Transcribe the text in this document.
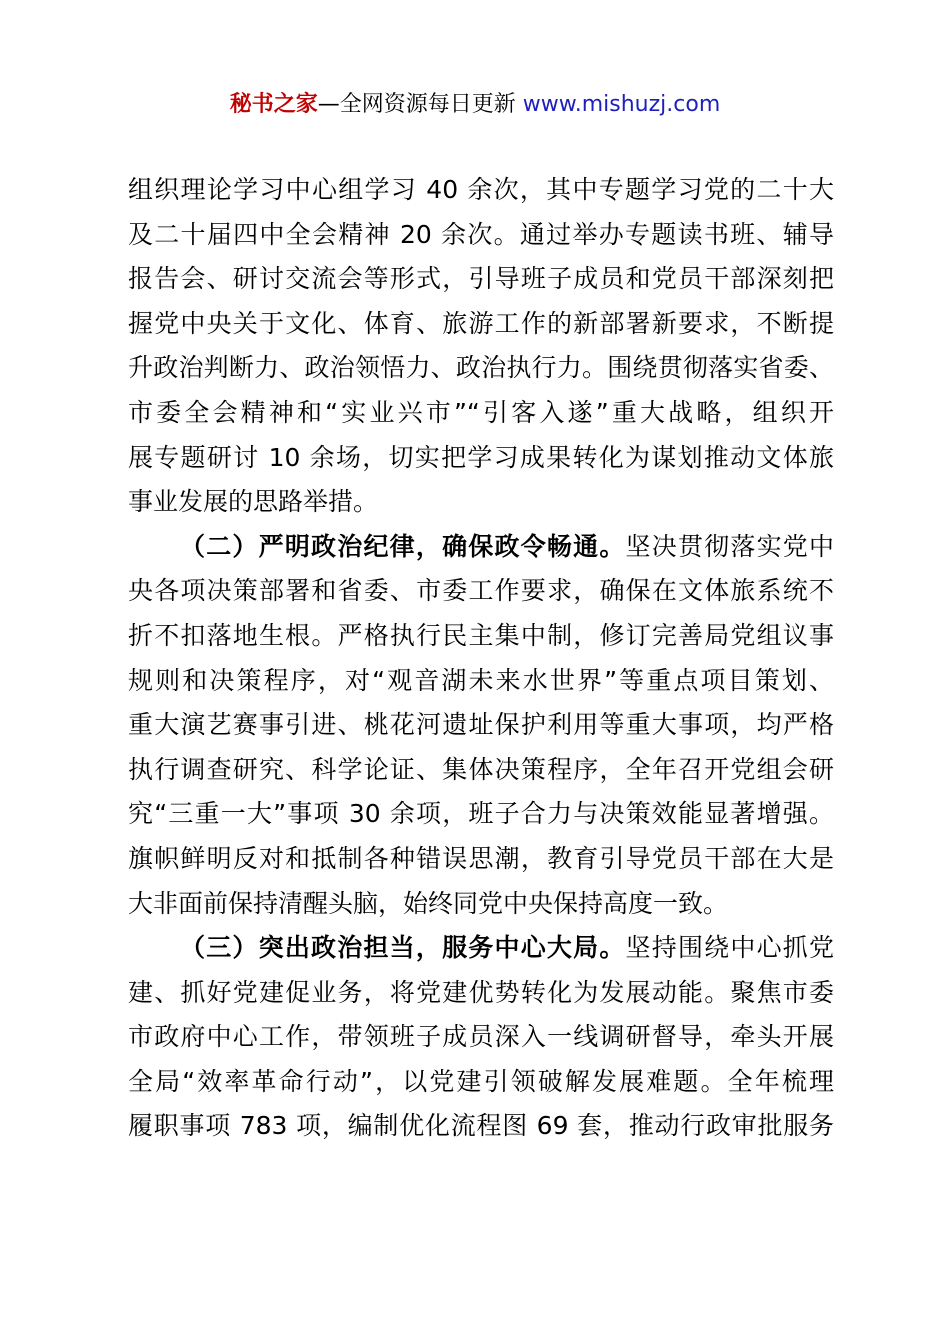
秘书之家—全网资源每日更新 www.mishuzj.com
组织理论学习中心组学习 40 余次，其中专题学习党的二十大
及二十届四中全会精神 20 余次。通过举办专题读书班、辅导
报告会、研讨交流会等形式，引导班子成员和党员干部深刻把
握党中央关于文化、体育、旅游工作的新部署新要求，不断提
升政治判断力、政治领悟力、政治执行力。围绕贯彻落实省委、
市委全会精神和“实业兴市”“引客入遂”重大战略，组织开
展专题研讨 10 余场，切实把学习成果转化为谋划推动文体旅
事业发展的思路举措。
（二）严明政治纪律，确保政令畅通。坚决贯彻落实党中
央各项决策部署和省委、市委工作要求，确保在文体旅系统不
折不扣落地生根。严格执行民主集中制，修订完善局党组议事
规则和决策程序，对“观音湖未来水世界”等重点项目策划、
重大演艺赛事引进、桃花河遗址保护利用等重大事项，均严格
执行调查研究、科学论证、集体决策程序，全年召开党组会研
究“三重一大”事项 30 余项，班子合力与决策效能显著增强。
旗帜鲜明反对和抵制各种错误思潮，教育引导党员干部在大是
大非面前保持清醒头脑，始终同党中央保持高度一致。
（三）突出政治担当，服务中心大局。坚持围绕中心抓党
建、抓好党建促业务，将党建优势转化为发展动能。聚焦市委
市政府中心工作，带领班子成员深入一线调研督导，牵头开展
全局“效率革命行动”，以党建引领破解发展难题。全年梳理
履职事项 783 项，编制优化流程图 69 套，推动行政审批服务
